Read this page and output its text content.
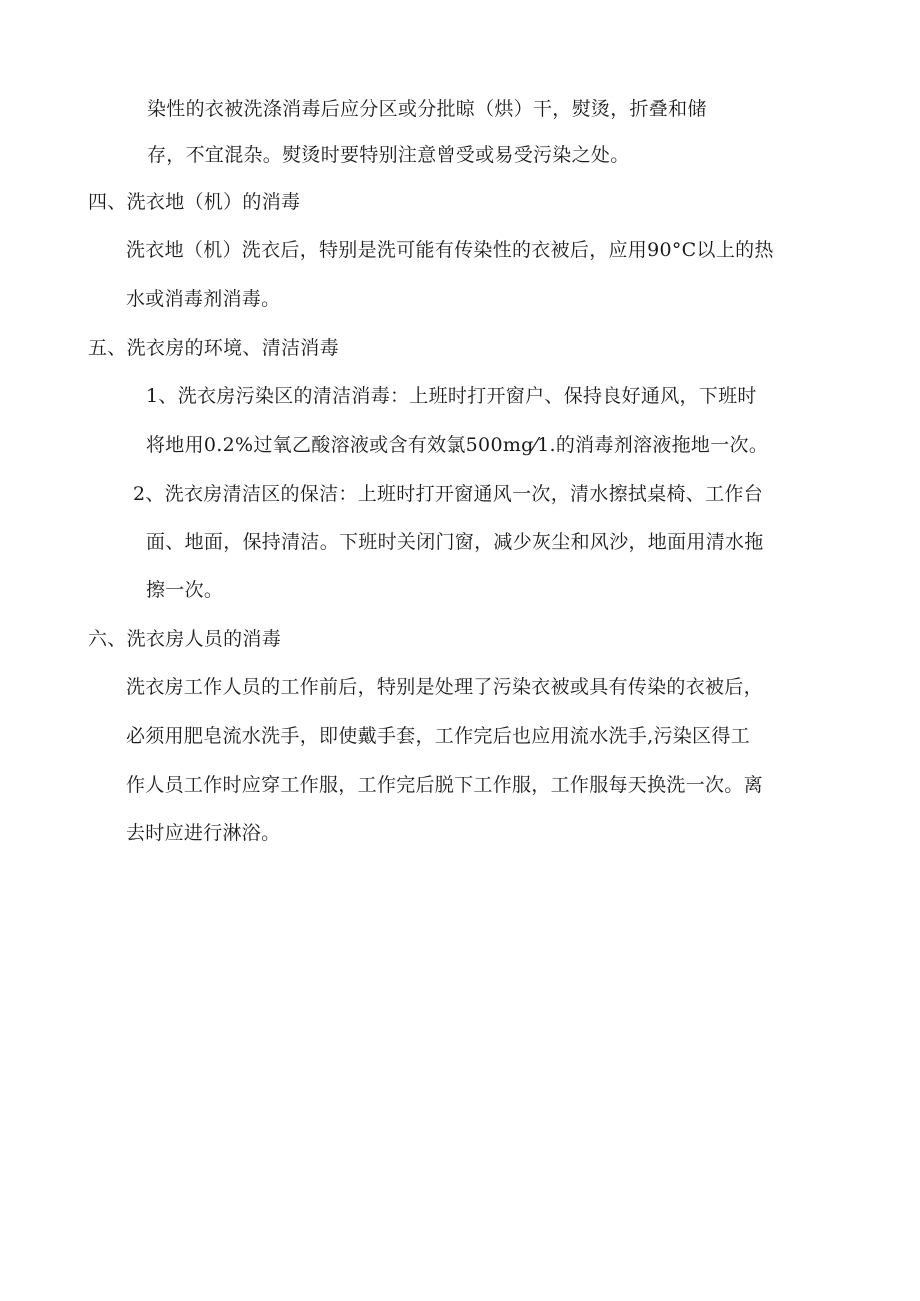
染性的衣被洗涤消毒后应分区或分批晾（烘）干，熨烫，折叠和储
存，不宜混杂。熨烫时要特别注意曾受或易受污染之处。
四、洗衣地（机）的消毒
洗衣地（机）洗衣后，特别是洗可能有传染性的衣被后，应用90°C以上的热
水或消毒剂消毒。
五、洗衣房的环境、清洁消毒
1、洗衣房污染区的清洁消毒：上班时打开窗户、保持良好通风，下班时
将地用0.2%过氧乙酸溶液或含有效氯500mg⁄1.的消毒剂溶液拖地一次。
2、洗衣房清洁区的保洁：上班时打开窗通风一次，清水擦拭桌椅、工作台
面、地面，保持清洁。下班时关闭门窗，减少灰尘和风沙，地面用清水拖
擦一次。
六、洗衣房人员的消毒
洗衣房工作人员的工作前后，特别是处理了污染衣被或具有传染的衣被后，
必须用肥皂流水洗手，即使戴手套，工作完后也应用流水洗手,污染区得工
作人员工作时应穿工作服，工作完后脱下工作服，工作服每天换洗一次。离
去时应进行淋浴。
